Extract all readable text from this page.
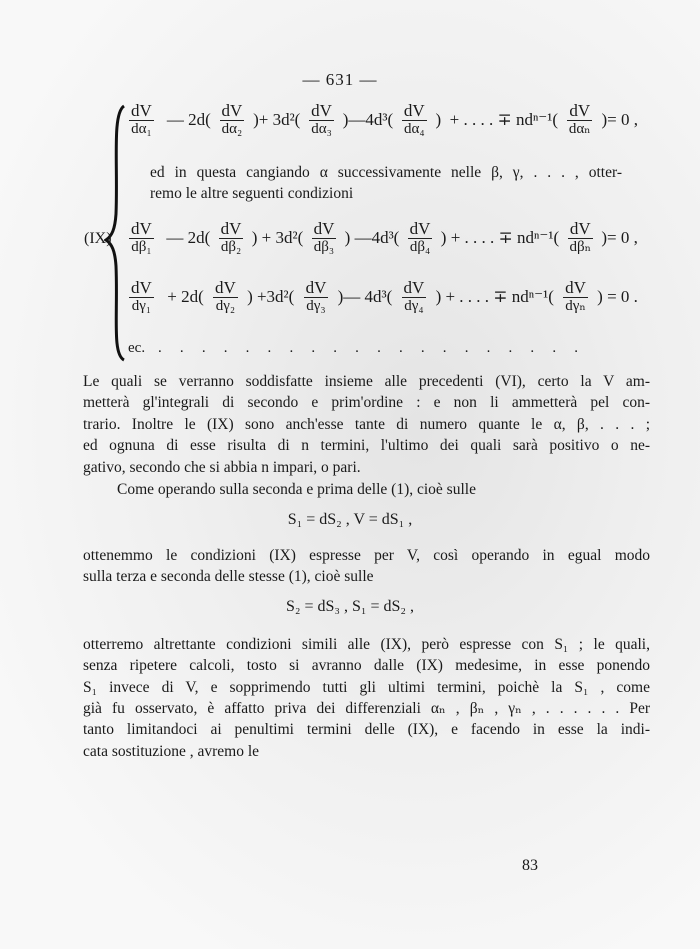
— 631 —
(IX)
$\frac{dV}{\text{dα₁}}$ — $2d( \frac{dV}{\text{dα₂}}$ )+ $3d^2( \frac{dV}{\text{dα₃}}$ )—4d³( $\frac{dV}{\text{dα₄}}$ )  + . . . . ∓ $nd^{n-1}( \frac{dV}{\text{dαₙ}}$ )= 0 ,
ed in questa cangiando α successivamente nelle β, γ, . . . , otter-
remo le altre seguenti condizioni
$\frac{dV}{\text{dβ₁}}$ — $2d( \frac{dV}{\text{dβ₂}}$ ) + $3d^2( \frac{dV}{\text{dβ₃}}$ ) —4d³( $\frac{dV}{\text{dβ₄}}$ ) + . . . . ∓ $nd^{n-1}( \frac{dV}{\text{dβₙ}}$ )= 0 ,
$\frac{dV}{\text{dγ₁}} + 2d( \frac{dV}{\text{dγ₂}}$ ) $+3d^2( \frac{dV}{\text{dγ₃}}$ )— $4d^3( \frac{dV}{\text{dγ₄}}$ ) + . . . . ∓ $nd^{n-1}( \frac{dV}{\text{dγₙ}}$ ) = 0 .
ec. . . . . . . . . . . . . . . . . . . . .
Le quali se verranno soddisfatte insieme alle precedenti (VI), certo la V am-
metterà gl'integrali di secondo e prim'ordine : e non li ammetterà pel con-
trario. Inoltre le (IX) sono anch'esse tante di numero quante le α, β, . . . ;
ed ognuna di esse risulta di n termini, l'ultimo dei quali sarà positivo o ne-
gativo, secondo che si abbia n impari, o pari.
ottenemmo le condizioni (IX) espresse per V, così operando in egual modo
sulla terza e seconda delle stesse (1), cioè sulle
otterremo altrettante condizioni simili alle (IX), però espresse con S₁ ; le quali,
senza ripetere calcoli, tosto si avranno dalle (IX) medesime, in esse ponendo
S₁ invece di V, e sopprimendo tutti gli ultimi termini, poichè la S₁ , come
già fu osservato, è affatto priva dei differenziali αₙ , βₙ , γₙ , . . . . . . Per
tanto limitandoci ai penultimi termini delle (IX), e facendo in esse la indi-
cata sostituzione , avremo le
Come operando sulla seconda e prima delle (1), cioè sulle
S₁ = dS₂ , V = dS₁ ,
S₂ = dS₃ , S₁ = dS₂ ,
83
